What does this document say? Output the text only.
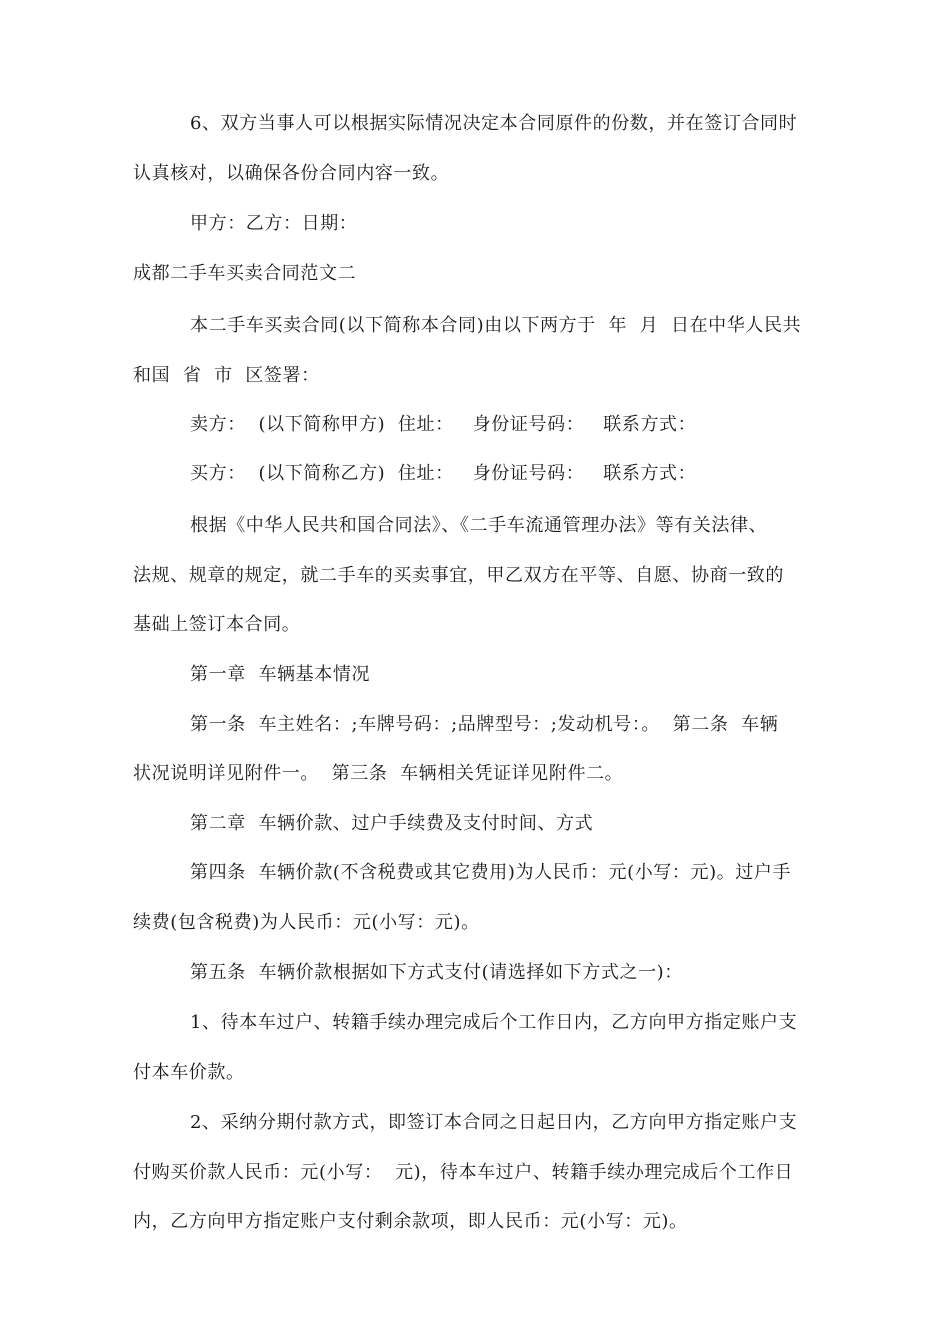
6、双方当事人可以根据实际情况决定本合同原件的份数，并在签订合同时
认真核对，以确保各份合同内容一致。
甲方：乙方：日期：
成都二手车买卖合同范文二
本二手车买卖合同(以下简称本合同)由以下两方于  年  月  日在中华人民共
和国  省  市  区签署：
卖方：  (以下简称甲方)  住址：   身份证号码：   联系方式：
买方：  (以下简称乙方)  住址：   身份证号码：   联系方式：
根据《中华人民共和国合同法》、《二手车流通管理办法》等有关法律、
法规、规章的规定，就二手车的买卖事宜，甲乙双方在平等、自愿、协商一致的
基础上签订本合同。
第一章  车辆基本情况
第一条  车主姓名：;车牌号码：;品牌型号：;发动机号：。  第二条  车辆
状况说明详见附件一。  第三条  车辆相关凭证详见附件二。
第二章  车辆价款、过户手续费及支付时间、方式
第四条  车辆价款(不含税费或其它费用)为人民币：元(小写：元)。过户手
续费(包含税费)为人民币：元(小写：元)。
第五条  车辆价款根据如下方式支付(请选择如下方式之一)：
1、待本车过户、转籍手续办理完成后个工作日内，乙方向甲方指定账户支
付本车价款。
2、采纳分期付款方式，即签订本合同之日起日内，乙方向甲方指定账户支
付购买价款人民币：元(小写：  元)，待本车过户、转籍手续办理完成后个工作日
内，乙方向甲方指定账户支付剩余款项，即人民币：元(小写：元)。
